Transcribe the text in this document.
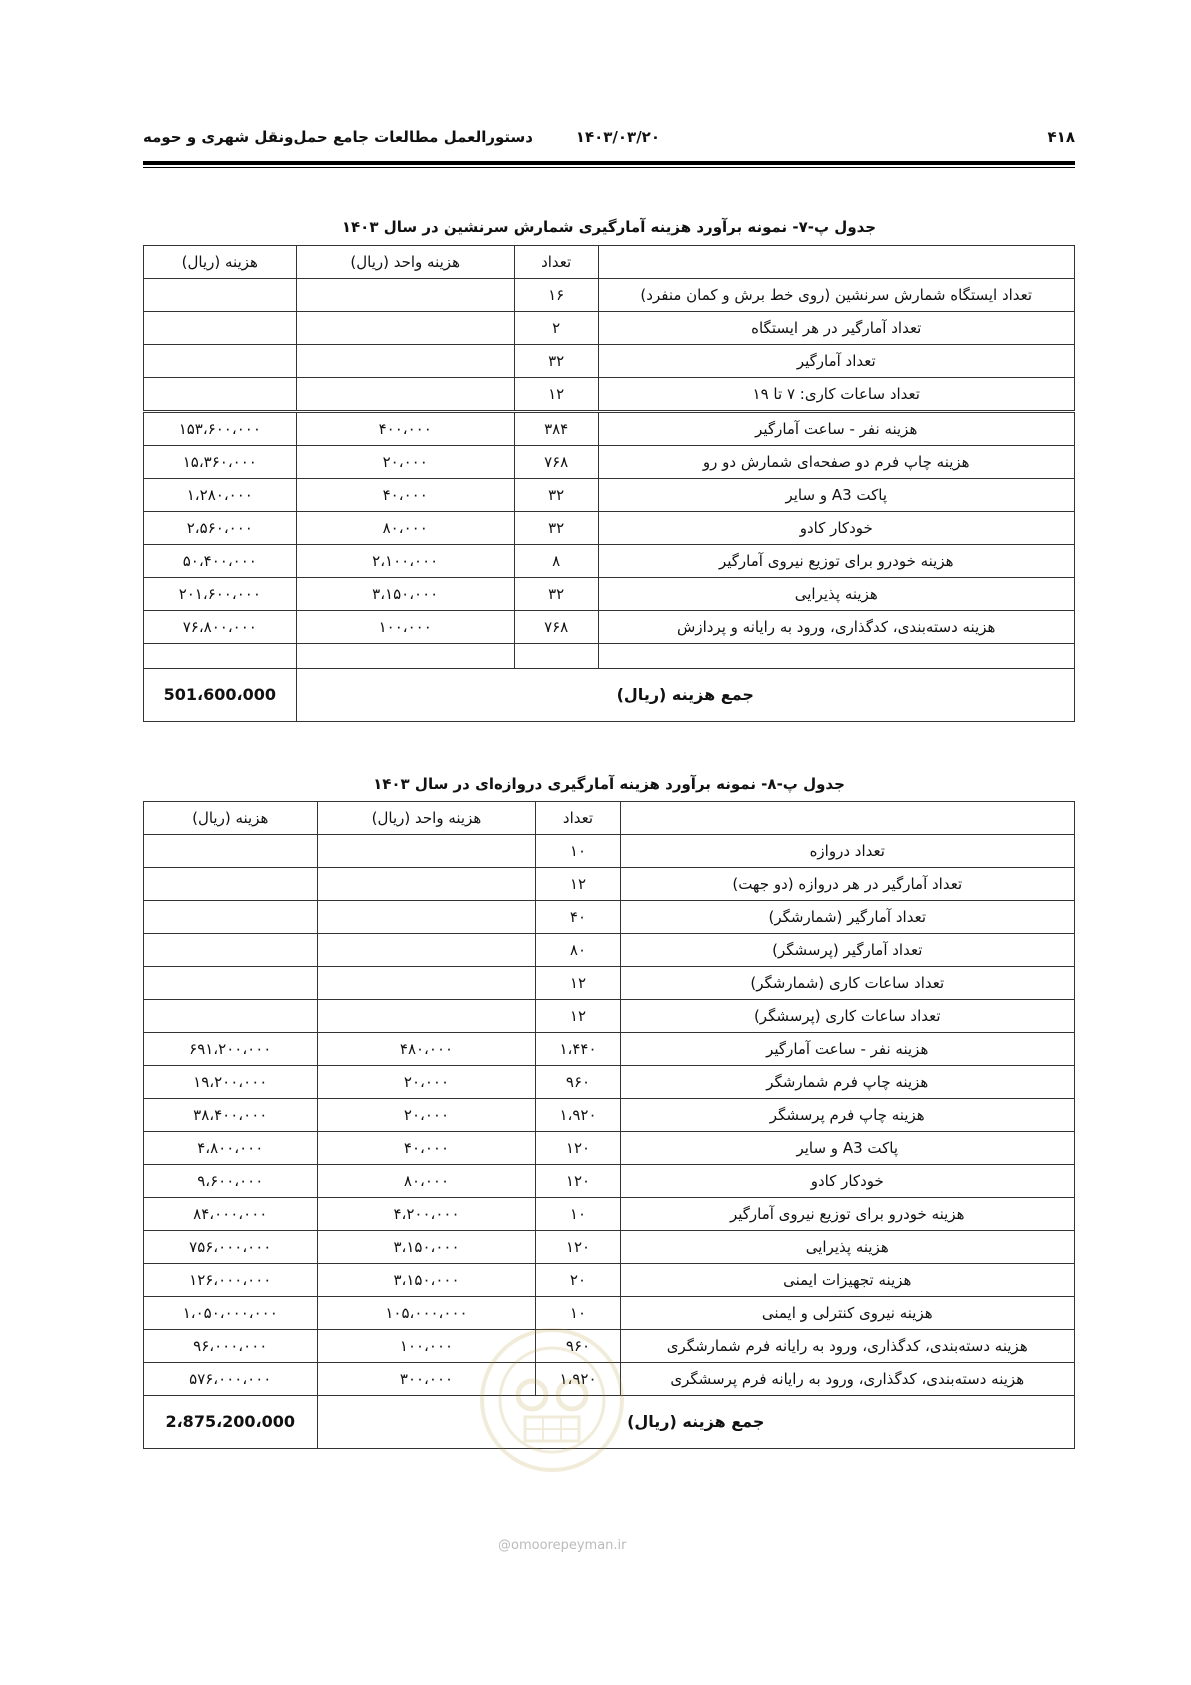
۴۱۸
۱۴۰۳/۰۳/۲۰
دستورالعمل مطالعات جامع حمل‌ونقل شهری و حومه
جدول پ-۷- نمونه برآورد هزینه آمارگیری شمارش سرنشین در سال ۱۴۰۳
	تعداد	هزینه واحد (ریال)	هزینه (ریال)
تعداد ایستگاه شمارش سرنشین (روی خط برش و کمان منفرد)	۱۶		
تعداد آمارگیر در هر ایستگاه	۲		
تعداد آمارگیر	۳۲		
تعداد ساعات کاری: ۷ تا ۱۹	۱۲		
هزینه نفر - ساعت آمارگیر	۳۸۴	۴۰۰،۰۰۰	۱۵۳،۶۰۰،۰۰۰
هزینه چاپ فرم دو صفحه‌ای شمارش دو رو	۷۶۸	۲۰،۰۰۰	۱۵،۳۶۰،۰۰۰
پاکت A3 و سایر	۳۲	۴۰،۰۰۰	۱،۲۸۰،۰۰۰
خودکار کادو	۳۲	۸۰،۰۰۰	۲،۵۶۰،۰۰۰
هزینه خودرو برای توزیع نیروی آمارگیر	۸	۲،۱۰۰،۰۰۰	۵۰،۴۰۰،۰۰۰
هزینه پذیرایی	۳۲	۳،۱۵۰،۰۰۰	۲۰۱،۶۰۰،۰۰۰
هزینه دسته‌بندی، کدگذاری، ورود به رایانه و پردازش	۷۶۸	۱۰۰،۰۰۰	۷۶،۸۰۰،۰۰۰

جمع هزینه (ریال)			501،600،000
جدول پ-۸- نمونه برآورد هزینه آمارگیری دروازه‌ای در سال ۱۴۰۳
	تعداد	هزینه واحد (ریال)	هزینه (ریال)
تعداد دروازه	۱۰		
تعداد آمارگیر در هر دروازه (دو جهت)	۱۲		
تعداد آمارگیر (شمارشگر)	۴۰		
تعداد آمارگیر (پرسشگر)	۸۰		
تعداد ساعات کاری (شمارشگر)	۱۲		
تعداد ساعات کاری (پرسشگر)	۱۲		
هزینه نفر - ساعت آمارگیر	۱،۴۴۰	۴۸۰،۰۰۰	۶۹۱،۲۰۰،۰۰۰
هزینه چاپ فرم شمارشگر	۹۶۰	۲۰،۰۰۰	۱۹،۲۰۰،۰۰۰
هزینه چاپ فرم پرسشگر	۱،۹۲۰	۲۰،۰۰۰	۳۸،۴۰۰،۰۰۰
پاکت A3 و سایر	۱۲۰	۴۰،۰۰۰	۴،۸۰۰،۰۰۰
خودکار کادو	۱۲۰	۸۰،۰۰۰	۹،۶۰۰،۰۰۰
هزینه خودرو برای توزیع نیروی آمارگیر	۱۰	۴،۲۰۰،۰۰۰	۸۴،۰۰۰،۰۰۰
هزینه پذیرایی	۱۲۰	۳،۱۵۰،۰۰۰	۷۵۶،۰۰۰،۰۰۰
هزینه تجهیزات ایمنی	۲۰	۳،۱۵۰،۰۰۰	۱۲۶،۰۰۰،۰۰۰
هزینه نیروی کنترلی و ایمنی	۱۰	۱۰۵،۰۰۰،۰۰۰	۱،۰۵۰،۰۰۰،۰۰۰
هزینه دسته‌بندی، کدگذاری، ورود به رایانه فرم شمارشگری	۹۶۰	۱۰۰،۰۰۰	۹۶،۰۰۰،۰۰۰
هزینه دسته‌بندی، کدگذاری، ورود به رایانه فرم پرسشگری	۱،۹۲۰	۳۰۰،۰۰۰	۵۷۶،۰۰۰،۰۰۰
جمع هزینه (ریال)			2،875،200،000
@omoorepeyman.ir
